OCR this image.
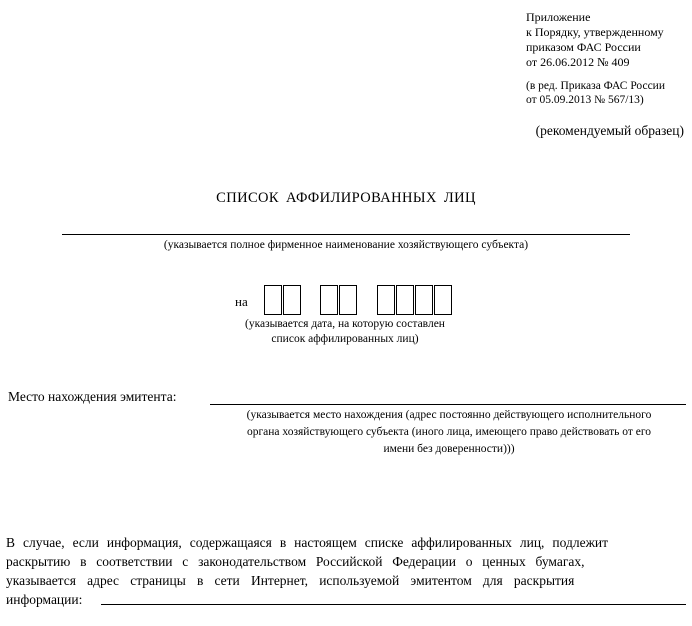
Приложение
к Порядку, утвержденному
приказом ФАС России
от 26.06.2012 № 409
(в ред. Приказа ФАС России
от 05.09.2013 № 567/13)
(рекомендуемый образец)
СПИСОК АФФИЛИРОВАННЫХ ЛИЦ
(указывается полное фирменное наименование хозяйствующего субъекта)
на
(указывается дата, на которую составлен
список аффилированных лиц)
Место нахождения эмитента:
(указывается место нахождения (адрес постоянно действующего исполнительного
органа хозяйствующего субъекта (иного лица, имеющего право действовать от его
имени без доверенности)))
В случае, если информация, содержащаяся в настоящем списке аффилированных лиц, подлежит
раскрытию в соответствии с законодательством Российской Федерации о ценных бумагах,
указывается адрес страницы в сети Интернет, используемой эмитентом для раскрытия
информации:
